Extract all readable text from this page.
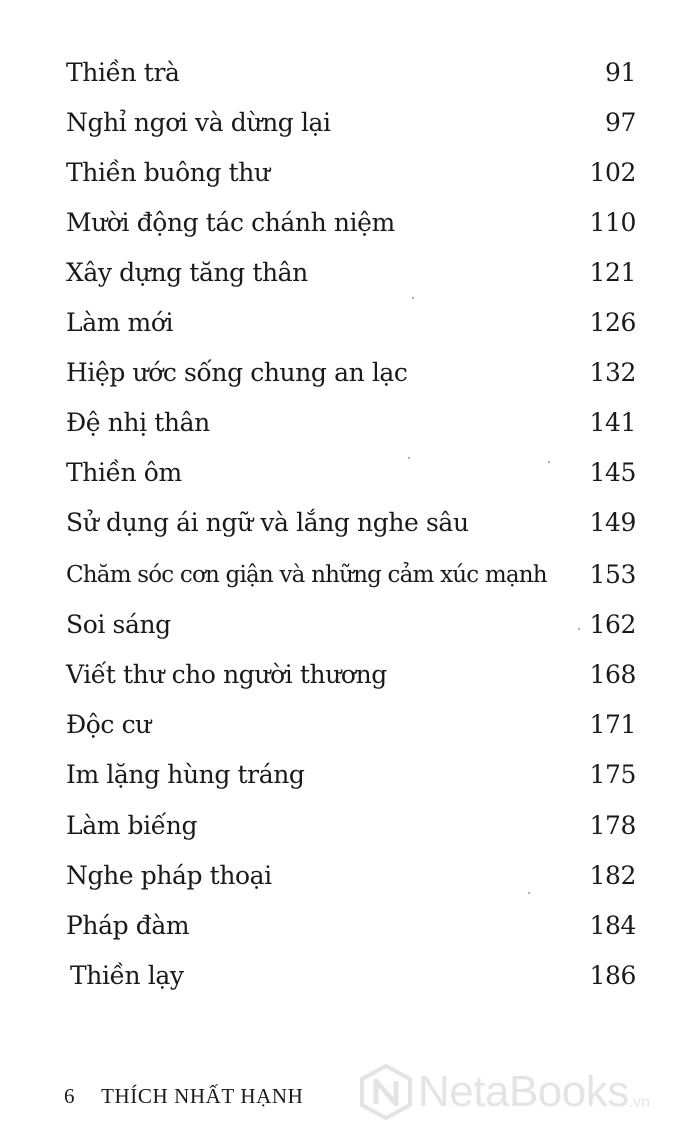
Thiền trà	91
Nghỉ ngơi và dừng lại	97
Thiền buông thư	102
Mười động tác chánh niệm	110
Xây dựng tăng thân	121
Làm mới	126
Hiệp ước sống chung an lạc	132
Đệ nhị thân	141
Thiền ôm	145
Sử dụng ái ngữ và lắng nghe sâu	149
Chăm sóc cơn giận và những cảm xúc mạnh 153
Soi sáng	162
Viết thư cho người thương	168
Độc cư	171
Im lặng hùng tráng	175
Làm biếng	178
Nghe pháp thoại	182
Pháp đàm	184
Thiền lạy	186
6 THÍCH NHẤT HẠNH	NetaBooks .vn
